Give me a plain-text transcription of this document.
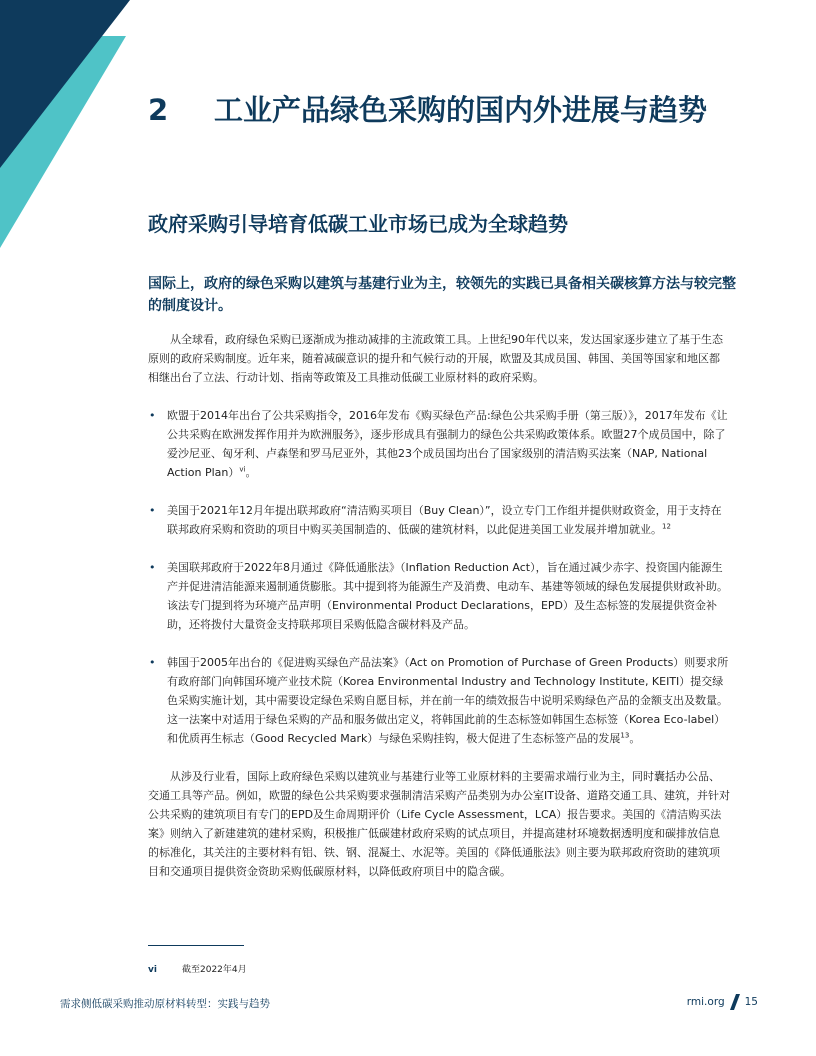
2 工业产品绿色采购的国内外进展与趋势
政府采购引导培育低碳工业市场已成为全球趋势
国际上，政府的绿色采购以建筑与基建行业为主，较领先的实践已具备相关碳核算方法与较完整的制度设计。

从全球看，政府绿色采购已逐渐成为推动减排的主流政策工具。上世纪90年代以来，发达国家逐步建立了基于生态原则的政府采购制度。近年来，随着减碳意识的提升和气候行动的开展，欧盟及其成员国、韩国、美国等国家和地区都相继出台了立法、行动计划、指南等政策及工具推动低碳工业原材料的政府采购。

• 欧盟于2014年出台了公共采购指令，2016年发布《购买绿色产品:绿色公共采购手册（第三版）》，2017年发布《让公共采购在欧洲发挥作用并为欧洲服务》，逐步形成具有强制力的绿色公共采购政策体系。欧盟27个成员国中，除了爱沙尼亚、匈牙利、卢森堡和罗马尼亚外，其他23个成员国均出台了国家级别的清洁购买法案（NAP, National Action Plan）$^{vi}$。
• 美国于2021年12月年提出联邦政府“清洁购买项目（Buy Clean）”，设立专门工作组并提供财政资金，用于支持在联邦政府采购和资助的项目中购买美国制造的、低碳的建筑材料，以此促进美国工业发展并增加就业。$^{12}$
• 美国联邦政府于2022年8月通过《降低通胀法》（Inflation Reduction Act），旨在通过减少赤字、投资国内能源生产并促进清洁能源来遏制通货膨胀。其中提到将为能源生产及消费、电动车、基建等领域的绿色发展提供财政补助。该法专门提到将为环境产品声明（Environmental Product Declarations，EPD）及生态标签的发展提供资金补助，还将拨付大量资金支持联邦项目采购低隐含碳材料及产品。
• 韩国于2005年出台的《促进购买绿色产品法案》（Act on Promotion of Purchase of Green Products）则要求所有政府部门向韩国环境产业技术院（Korea Environmental Industry and Technology Institute, KEITI）提交绿色采购实施计划，其中需要设定绿色采购自愿目标，并在前一年的绩效报告中说明采购绿色产品的金额支出及数量。这一法案中对适用于绿色采购的产品和服务做出定义，将韩国此前的生态标签如韩国生态标签（Korea Eco-label）和优质再生标志（Good Recycled Mark）与绿色采购挂钩，极大促进了生态标签产品的发展$^{13}$。

从涉及行业看，国际上政府绿色采购以建筑业与基建行业等工业原材料的主要需求端行业为主，同时囊括办公品、交通工具等产品。例如，欧盟的绿色公共采购要求强制清洁采购产品类别为办公室IT设备、道路交通工具、建筑，并针对公共采购的建筑项目有专门的EPD及生命周期评价（Life Cycle Assessment，LCA）报告要求。美国的《清洁购买法案》则纳入了新建建筑的建材采购，积极推广低碳建材政府采购的试点项目，并提高建材环境数据透明度和碳排放信息的标准化，其关注的主要材料有铝、铁、钢、混凝土、水泥等。美国的《降低通胀法》则主要为联邦政府资助的建筑项目和交通项目提供资金资助采购低碳原材料，以降低政府项目中的隐含碳。

vi	截至2022年4月
需求侧低碳采购推动原材料转型：实践与趋势	rmi.org 15
